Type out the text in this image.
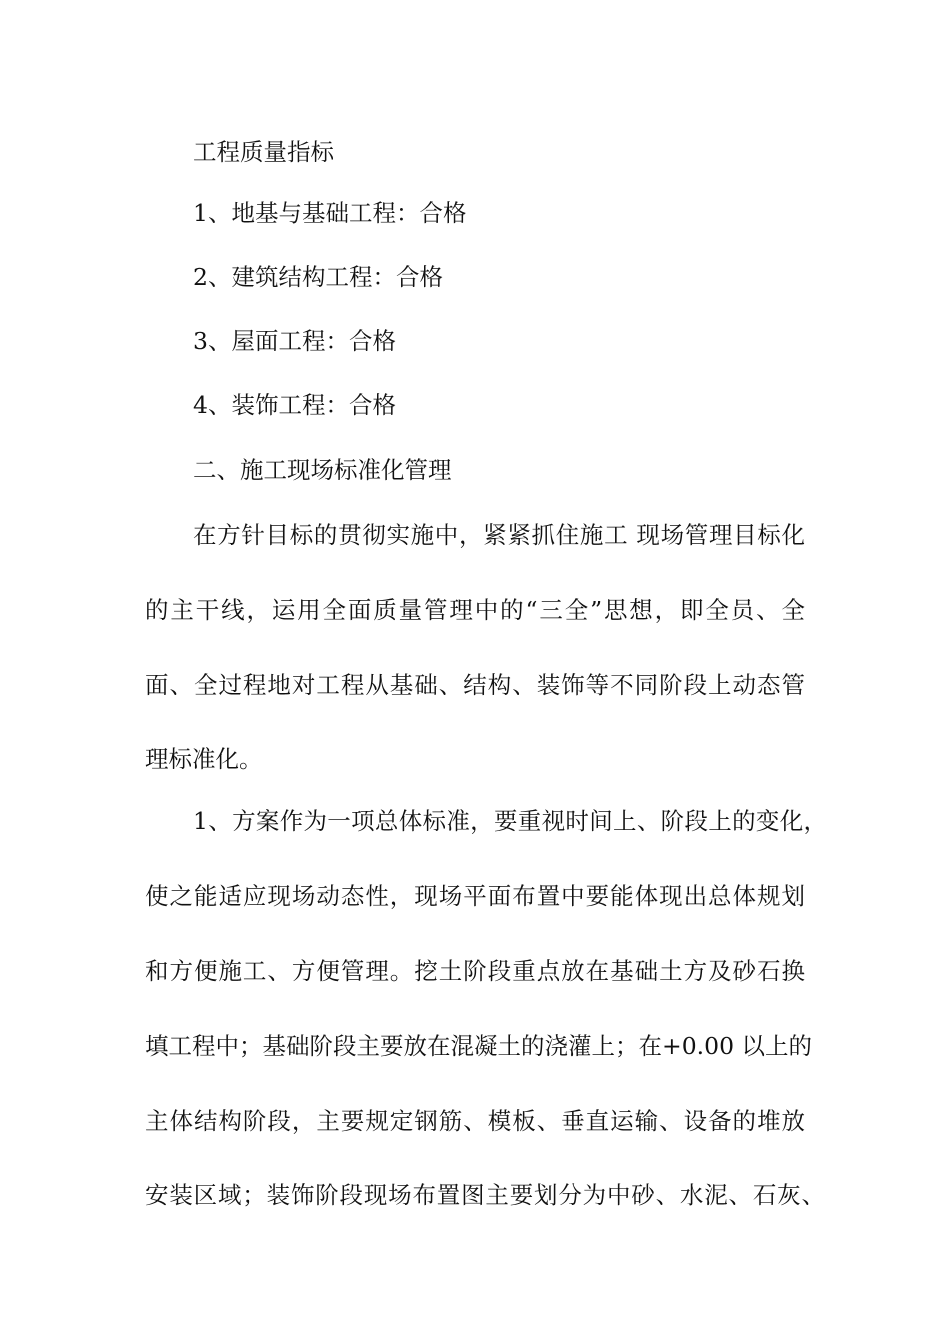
工程质量指标
1、地基与基础工程：合格
2、建筑结构工程：合格
3、屋面工程：合格
4、装饰工程：合格
二、施工现场标准化管理
在方针目标的贯彻实施中，紧紧抓住施工 现场管理目标化
的主干线，运用全面质量管理中的“三全”思想，即全员、全
面、全过程地对工程从基础、结构、装饰等不同阶段上动态管
理标准化。
1、方案作为一项总体标准，要重视时间上、阶段上的变化，
使之能适应现场动态性，现场平面布置中要能体现出总体规划
和方便施工、方便管理。挖土阶段重点放在基础土方及砂石换
填工程中；基础阶段主要放在混凝土的浇灌上；在+0.00 以上的
主体结构阶段，主要规定钢筋、模板、垂直运输、设备的堆放
安装区域；装饰阶段现场布置图主要划分为中砂、水泥、石灰、
